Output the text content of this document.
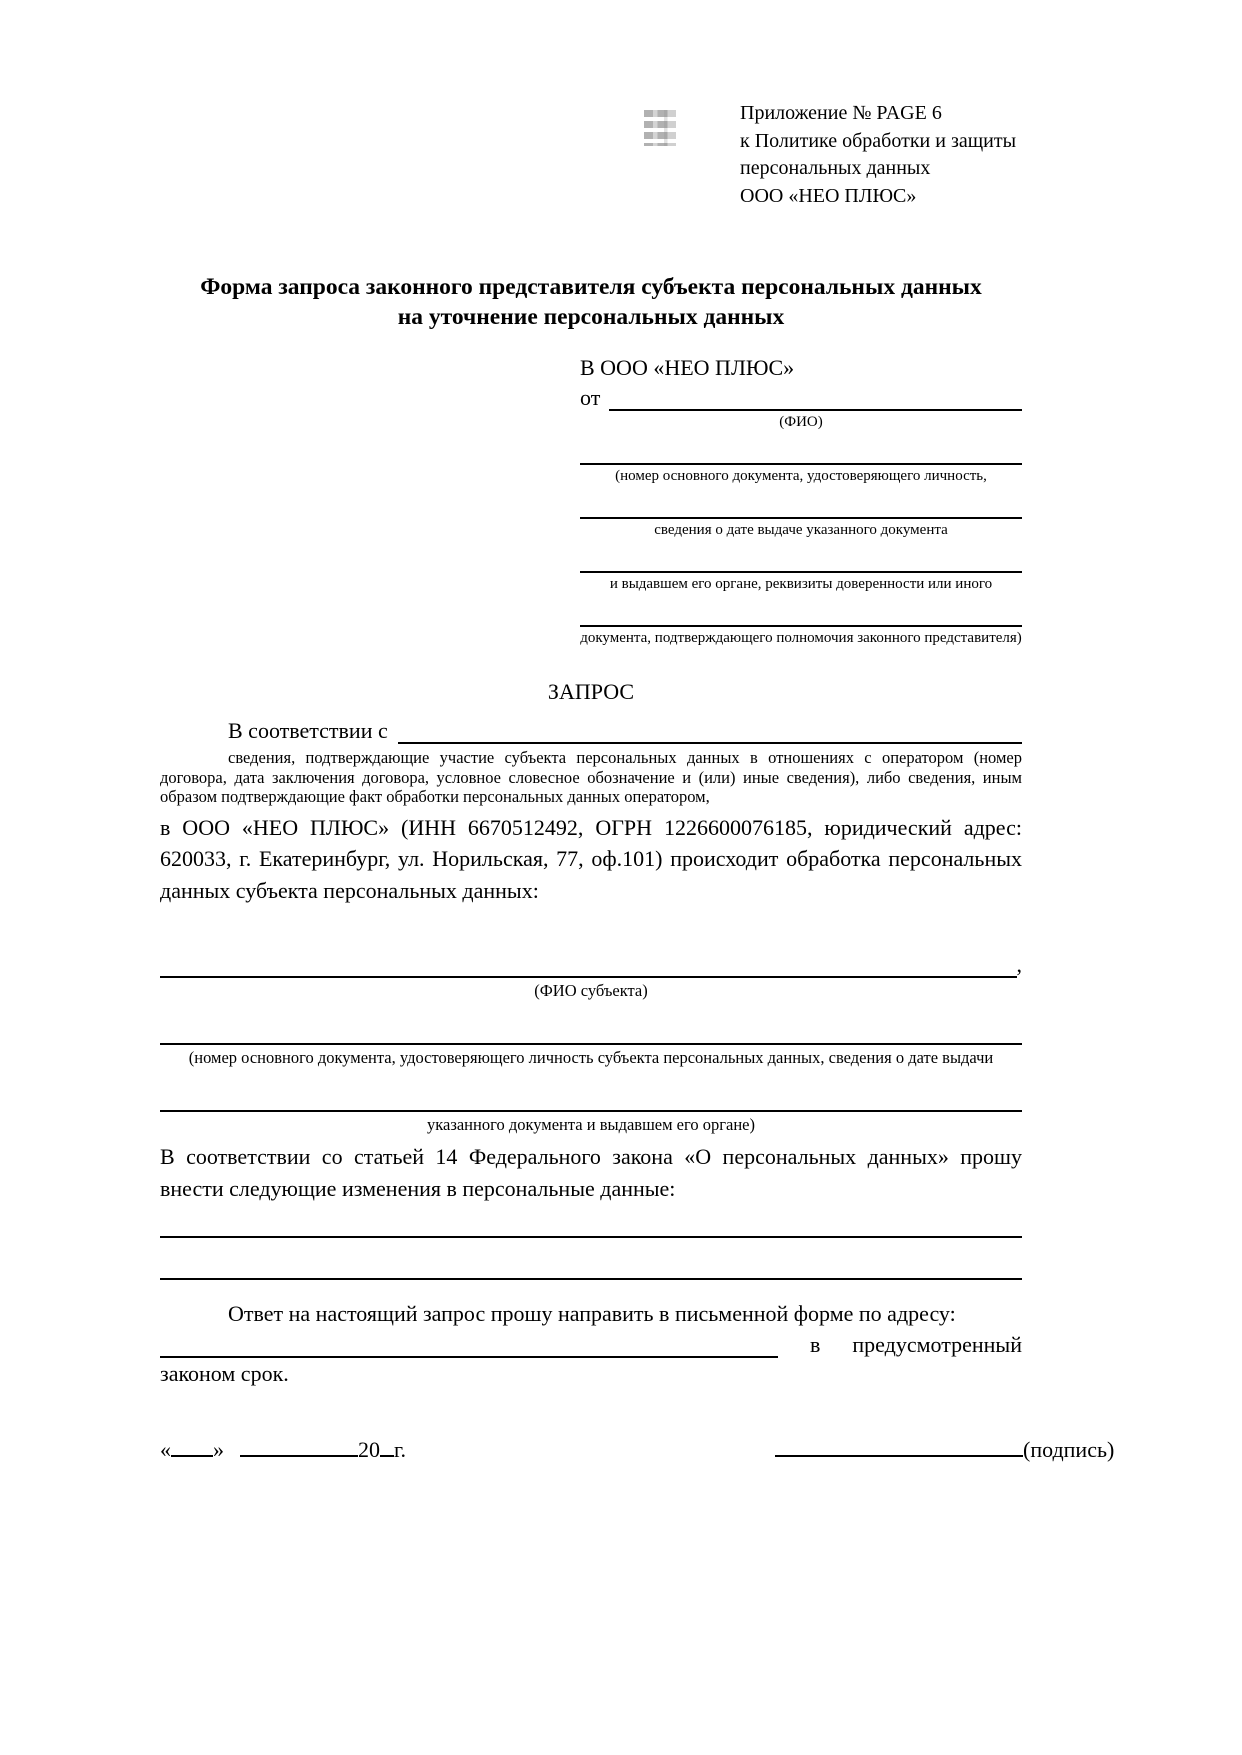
Приложение № PAGE 6
к Политике обработки и защиты
персональных данных
ООО «НЕО ПЛЮС»
Форма запроса законного представителя субъекта персональных данных
на уточнение персональных данных
В ООО «НЕО ПЛЮС»
от
(ФИО)
(номер основного документа, удостоверяющего личность,
сведения о дате выдаче указанного документа
и выдавшем его органе, реквизиты доверенности или иного
документа, подтверждающего полномочия законного представителя)
ЗАПРОС
В соответствии с
сведения, подтверждающие участие субъекта персональных данных в отношениях с оператором (номер договора, дата заключения договора, условное словесное обозначение и (или) иные сведения), либо сведения, иным образом подтверждающие факт обработки персональных данных оператором,

в ООО «НЕО ПЛЮС» (ИНН 6670512492, ОГРН 1226600076185, юридический адрес: 620033, г. Екатеринбург, ул. Норильская, 77, оф.101) происходит обработка персональных данных субъекта персональных данных:

,
(ФИО субъекта)
(номер основного документа, удостоверяющего личность субъекта персональных данных, сведения о дате выдачи
указанного документа и выдавшем его органе)

В соответствии со статьей 14 Федерального закона «О персональных данных» прошу внести следующие изменения в персональные данные:

Ответ на настоящий запрос прошу направить в письменной форме по адресу:

в предусмотренный

законом срок.

« »	20 г.	(подпись)
